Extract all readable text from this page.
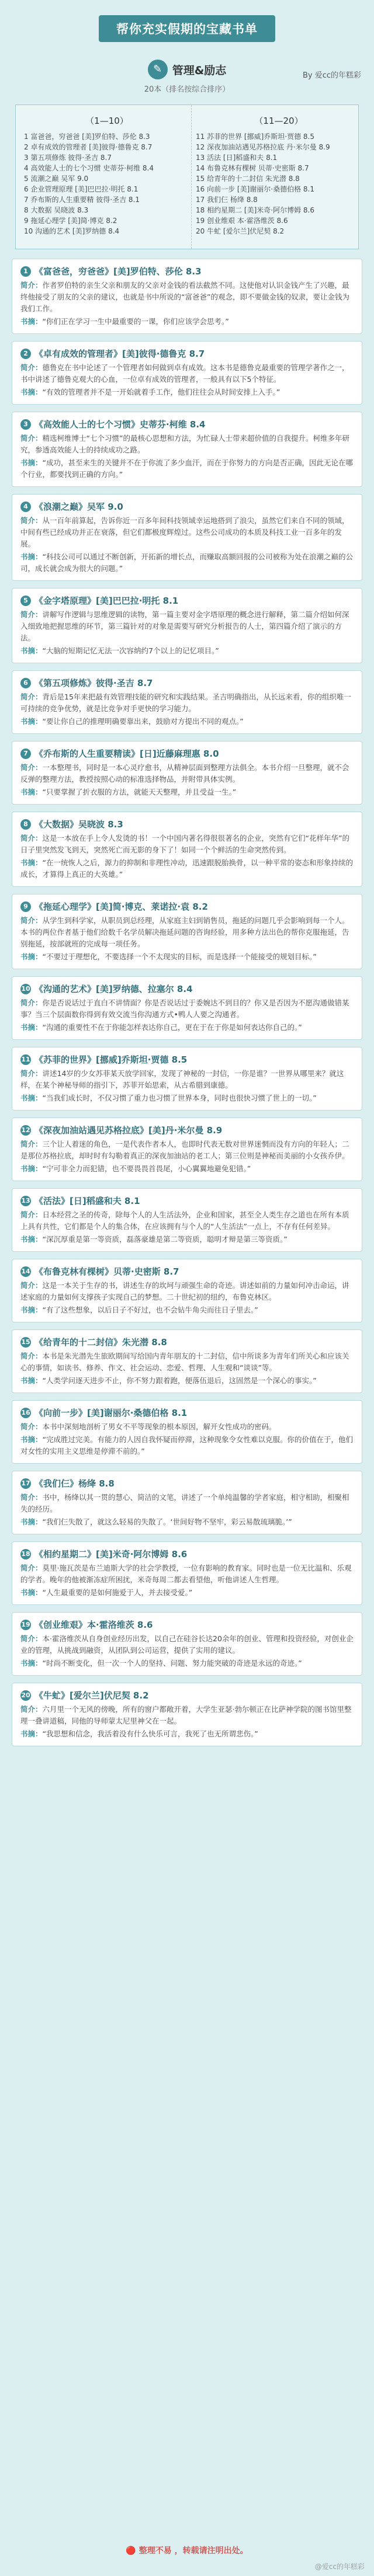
帮你充实假期的宝藏书单
By 爱cc的年糕彩
✎ 管理&励志
20本（排名按综合排序）
（1—10）
1 富爸爸，穷爸爸 [美]罗伯特、莎伦 8.3
2 卓有成效的管理者 [美]彼得·德鲁克 8.7
3 第五项修炼 彼得·圣吉 8.7
4 高效能人士的七个习惯 史蒂芬·柯维 8.4
5 流潮之巅 吴军 9.0
6 企业管理原理 [美]巴巴拉·明托 8.1
7 乔布斯的人生重要精 彼得·圣吉 8.1
8 大数据 吴晓波 8.3
9 拖延心理学 [美]简·博克 8.2
10 沟通的艺术 [美]罗纳德 8.4
（11—20）
11 苏菲的世界 [挪威]乔斯坦·贾德 8.5
12 深夜加油站遇见苏格拉底 丹·米尔曼 8.9
13 活法 [日]稻盛和夫 8.1
14 布鲁克林有棵树 贝蒂·史密斯 8.7
15 给青年的十二封信 朱光潜 8.8
16 向前一步 [美]谢丽尔·桑德伯格 8.1
17 我们仨 杨绛 8.8
18 相约星期二 [美]米奇·阿尔博姆 8.6
19 创业维艰 本·霍洛维茨 8.6
20 牛虻 [爱尔兰]伏尼契 8.2
1 《富爸爸，穷爸爸》[美]罗伯特、莎伦 8.3
简介：作者罗伯特的亲生父亲和朋友的父亲对金钱的看法截然不同。这使他对认识金钱产生了兴趣，最终他接受了朋友的父亲的建议，也就是书中所说的“富爸爸”的观念，即不要做金钱的奴隶，要让金钱为我们工作。
书摘：“你们正在学习一生中最重要的一课，你们应该学会思考。”
2 《卓有成效的管理者》[美]彼得·德鲁克 8.7
简介：德鲁克在书中论述了一个管理者如何做到卓有成效。这本书是德鲁克最重要的管理学著作之一，书中讲述了德鲁克观大的心血，一位卓有成效的管理者，一般具有以下5个特征。
书摘：“有效的管理者并不是一开始就着手工作，他们往往会从时间安排上入手。”
3 《高效能人士的七个习惯》史蒂芬·柯维 8.4
简介：精选柯维博士“七个习惯”的最核心思想和方法，为忙碌人士带来超价值的自我提升。柯维多年研究，参透高效能人士的持续成功之路。
书摘：“成功，甚至来生的关键并不在于你流了多少血汗，而在于你努力的方向是否正确，因此无论在哪个行业，都要找到正确的方向。”
4 《浪潮之巅》吴军 9.0
简介：从一百年前算起，告诉你近一百多年间科技领域幸运地搭到了浪尖，虽然它们来自不同的领域，中间有些已经成功并正在衰落，但它们都极度辉煌过。这些公司成功的本质及科技工业一百多年的发展。
书摘：“科技公司可以通过不断创新，开拓新的增长点，而赚取高额回报的公司被称为处在浪潮之巅的公司，成长就会成为很大的问题。”
5 《金字塔原理》[美]巴巴拉·明托 8.1
简介：讲解写作逻辑与思维逻辑的读物，第一篇主要对金字塔原理的概念进行解释，第二篇介绍如何深入细致地把握思维的环节，第三篇针对的对象是需要写研究分析报告的人士，第四篇介绍了演示的方法。
书摘：“大脑的短期记忆无法一次容纳约7个以上的记忆项目。”
6 《第五项修炼》彼得·圣吉 8.7
简介：背后是15年来把最有效管理技能的研究和实践结果。圣吉明确指出，从长远来看，你的组织唯一可持续的竞争优势，就是比竞争对手更快的学习能力。
书摘：“要让你自己的推理明确要靠出来，鼓励对方提出不同的观点。”
7 《乔布斯的人生重要精读》[日]近藤麻理惠 8.0
简介：一本整理书，同时是一本心灵疗愈书，从精神层面到整理方法俱全。本书介绍一旦整理，就不会反弹的整理方法，教授按照心动的标准选择物品，并附带具体实例。
书摘：“只要掌握了折衣服的方法，就能天天整理，并且受益一生。”
8 《大数据》吴晓波 8.3
简介：这是一本放在手上令人发烫的书！一个中国内著名得很很著名的企业，突然有它们“花样年华”的日子里突然发飞到天，突然死亡而无影的身下了！如同一个个鲜活的生命突然传到。
书摘：“在一统恢人之后，源力的抑制和非理性冲动，迅速跟脱胎换骨，以一种平常的姿态和形象持续的成长，才算得上真正的大英雄。”
9 《拖延心理学》[美]简·博克、莱诺拉·袁 8.2
简介：从学生到科学家，从职员到总经理，从家庭主妇到销售员，拖延的问题几乎会影响到每一个人。本书的两位作者基于他们给数千名学员解决拖延问题的咨询经验，用多种方法出色的帮你克服拖延，告别拖延，按部就班的完成每一项任务。
书摘：“不要过于理想化，不要选择一个不太现实的目标，而是选择一个能接受的规划目标。”
10 《沟通的艺术》[美]罗纳德、拉塞尔 8.4
简介：你是否说话过于直白不讲情面？你是否说话过于委婉达不到目的？你又是否因为不愿沟通做错某事？当三个层面数你得到有效交流当你沟通方式•鸭人人要之沟通者。
书摘：“沟通的重要性不在于你能怎样表达你自己，更在于在于你是如何表达你自己的。”
11 《苏菲的世界》[挪威]乔斯坦·贾德 8.5
简介：讲述14岁的少女苏菲某天放学回家，发现了神秘的一封信，一你是谁？一世界从哪里来？就这样，在某个神秘导师的指引下，苏菲开始思索，从古希腊到康德。
书摘：“当我们成长时，不仅习惯了重力也习惯了世界本身，同时也很快习惯了世上的一切。”
12 《深夜加油站遇见苏格拉底》[美]丹·米尔曼 8.9
简介：三个让人着迷的角色，一是代表作者本人，也即时代表无数对世界迷惘而没有方向的年轻人；二是那位苏格拉底，却时时有勾勒着真正的深夜加油站的老工人；第三位则是神秘而美丽的小女孩乔伊。
书摘：“宁可非全力而犯错，也不要畏畏首畏尾，小心翼翼地避免犯错。”
13 《活法》[日]稻盛和夫 8.1
简介：日本经营之圣的传奇，除每个人的人生活法外，企业和国家，甚至全人类生存之道也在所有本质上具有共性，它们都是个人的集合体，在应该拥有与个人的“人生活法”一点上，不存有任何差异。
书摘：“深沉厚重是第一等资质，磊落豪雄是第二等资质，聪明才辩是第三等资质。”
14 《布鲁克林有棵树》贝蒂·史密斯 8.7
简介：这是一本关于生存的书，讲述生存的坎坷与顽强生命的奇迹。讲述如前的力量如何冲击命运，讲述家庭的力量如何支撑孩子实现自己的梦想。二十世纪初的纽约，布鲁克林区。
书摘：“有了这些想象，以后日子不好过，也不会钻牛角尖而往日子里去。”
15 《给青年的十二封信》朱光潜 8.8
简介：本书是朱光潜先生旅欧期间写给国内青年朋友的十二封信，信中所谈多为青年们所关心和应该关心的事情，如读书、修养、作文、社会运动、恋爱、哲理、人生观和“谈谈”等。
书摘：“人类学问逐天进步不止，你不努力跟着跑，便落伍退后，这固然是一个深心的事实。”
16 《向前一步》[美]谢丽尔·桑德伯格 8.1
简介：本书中深刻地剖析了男女不平等现象的根本原因，解开女性成功的密码。
书摘：“完成胜过完美。有能力的人因自我怀疑而停滞，这种现象令女性难以克服。你的价值在于，他们对女性的实用主义思维是停滞不前的。”
17 《我们仨》杨绛 8.8
简介：书中，杨绛以其一贯的慧心、简洁的文笔，讲述了一个单纯温馨的学者家庭，相守相助，相聚相失的经历。
书摘：“我们仨失散了，就这么轻易的失散了。‘世间好物不坚牢，彩云易散琉璃脆。’”
18 《相约星期二》[美]米奇·阿尔博姆 8.6
简介：莫里·施瓦茨是布兰迪斯大学的社会学教授，一位有影响的教育家。同时也是一位无比温和、乐观的学者。晚年的他被渐冻症所困扰，米奇每周二都去看望他，听他讲述人生哲理。
书摘：“人生最重要的是如何施爱于人，并去接受爱。”
19 《创业维艰》本·霍洛维茨 8.6
简介：本·霍洛维茨从自身创业经历出发，以自己在硅谷长达20余年的创业、管理和投资经验，对创业企业的管理，从挑战到融资，从团队到公司运营，提供了实用的建议。
书摘：“时尚不断变化，但一次一个人的坚持、问题、努力能突破的奇迹是永远的奇迹。”
20 《牛虻》[爱尔兰]伏尼契 8.2
简介：六月里一个无风的傍晚，所有的窗户都敞开着，大学生亚瑟·勃尔顿正在比萨神学院的图书馆里整理一叠讲道稿，同他的导师蒙太尼里神父在一起。
书摘：“我思想和信念，我活着没有什么快乐可言，我死了也无所谓悲伤。”
🔴 整理不易 ，转载请注明出处。
@爱cc的年糕彩
